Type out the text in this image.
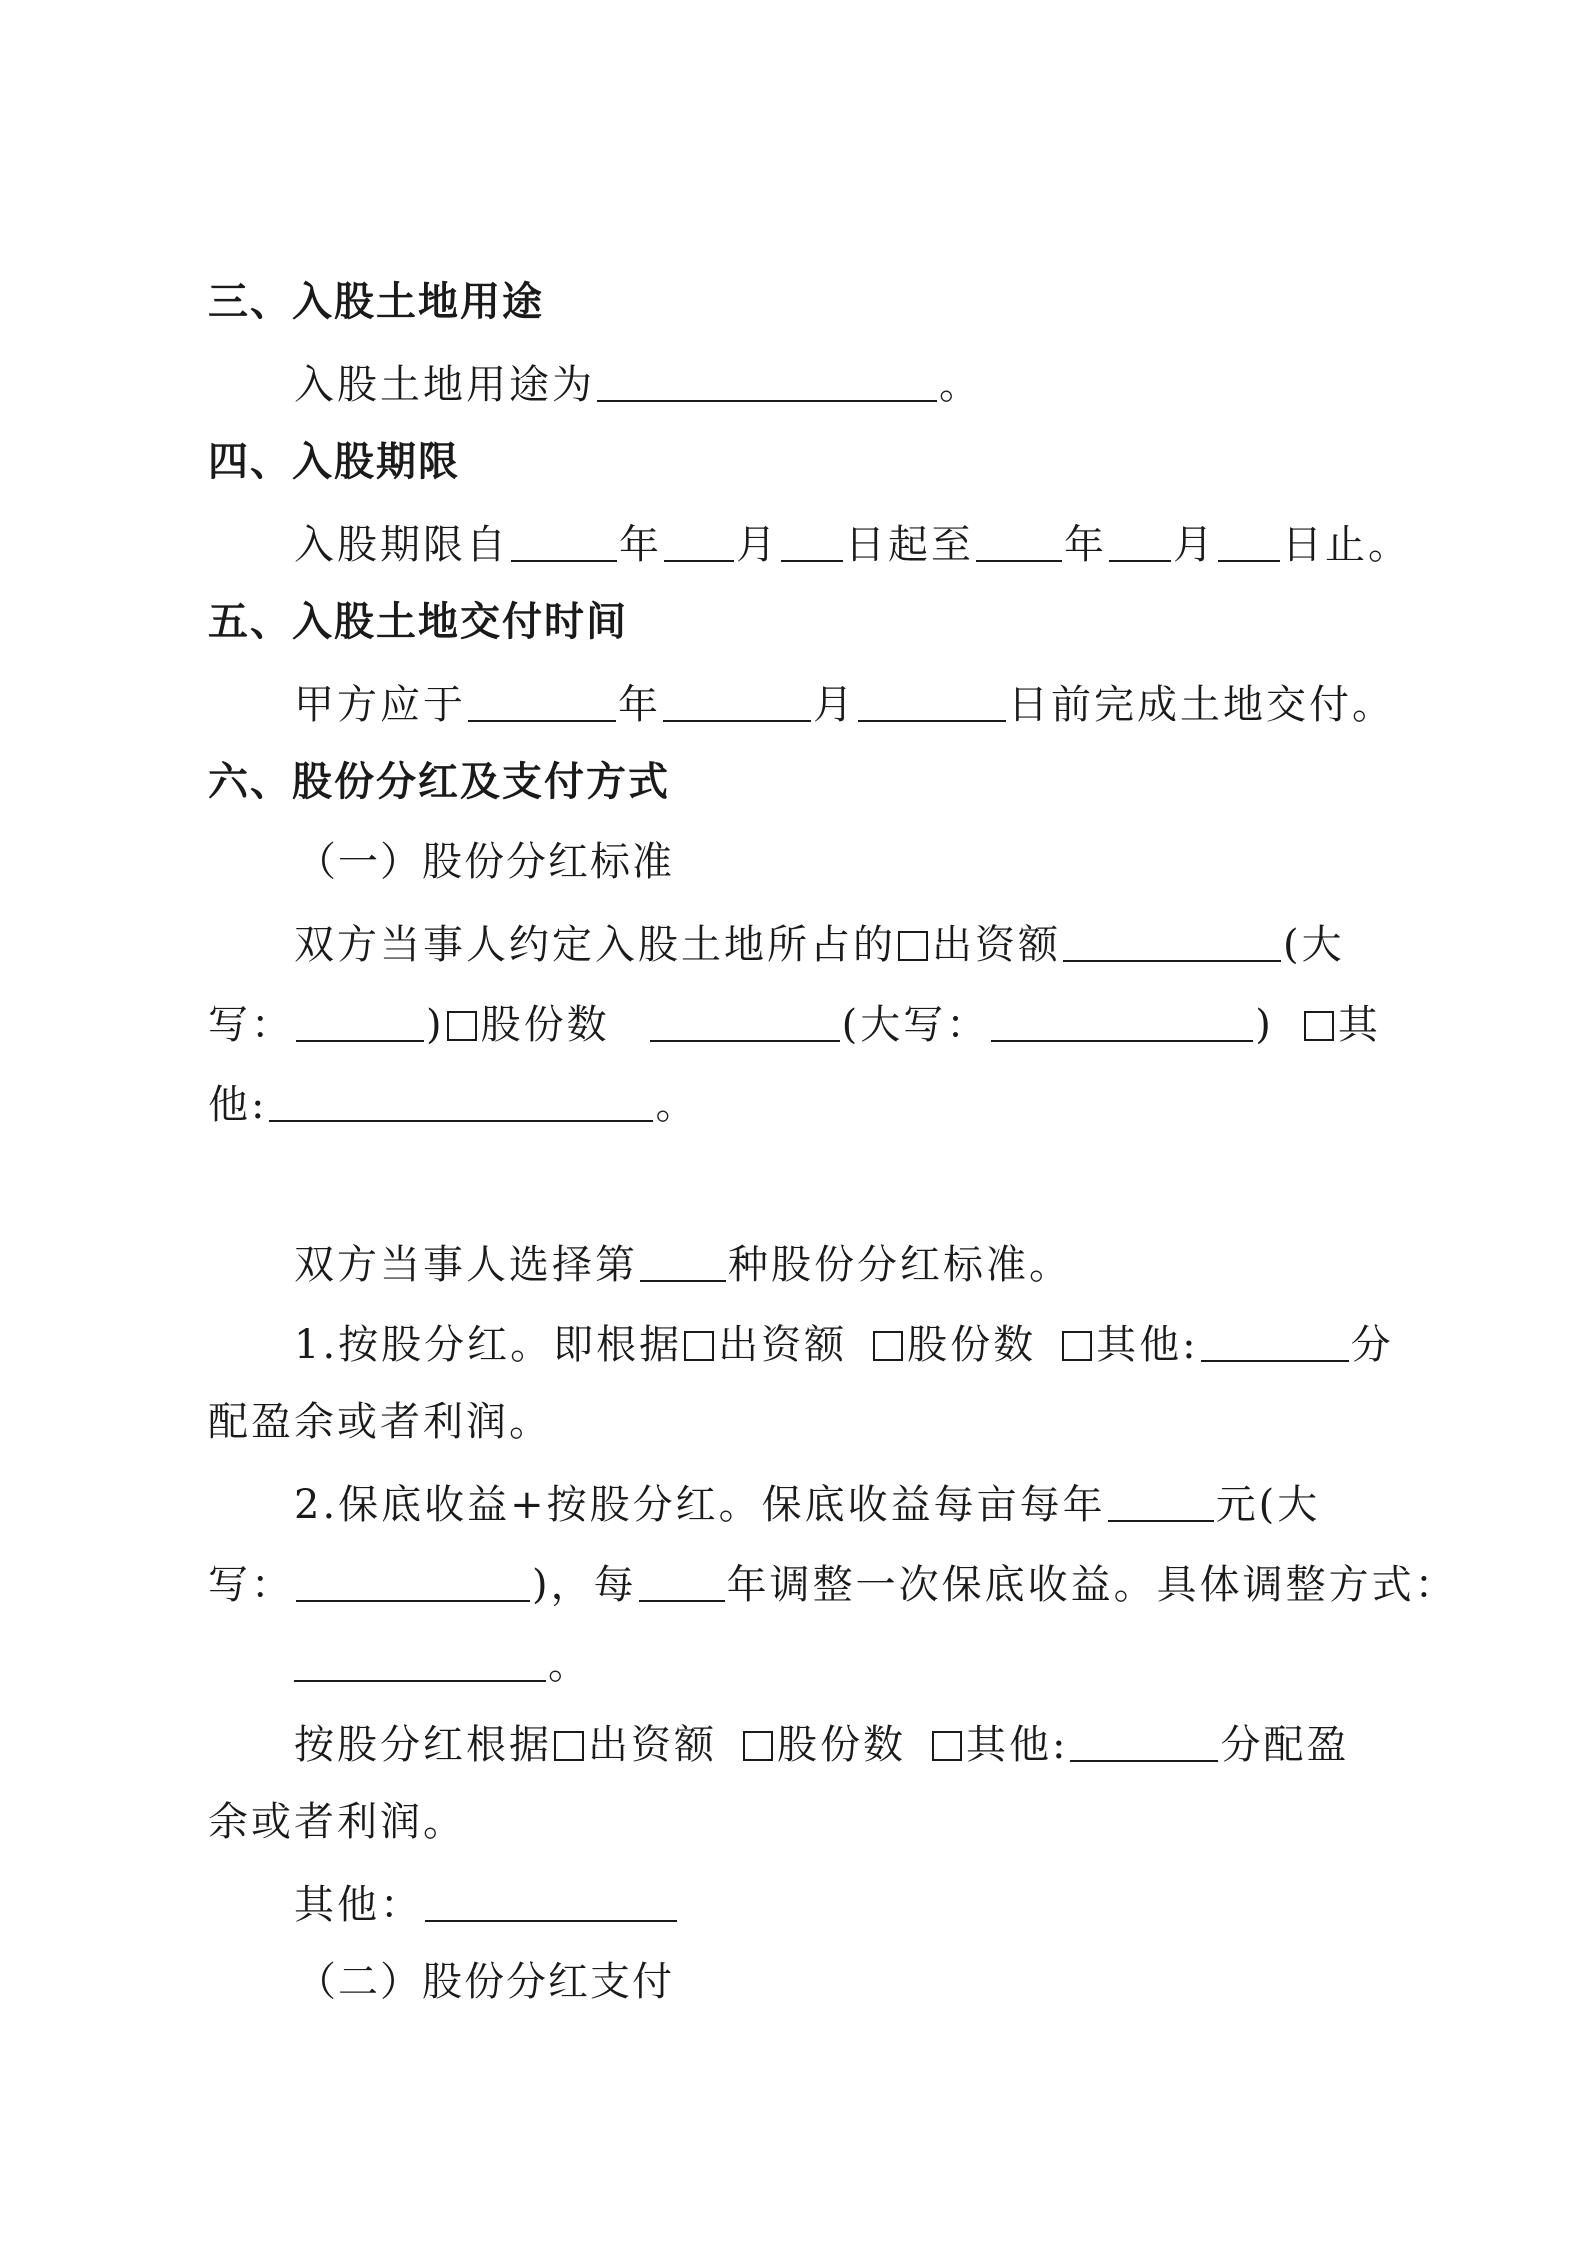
三、入股土地用途
入股土地用途为	。
四、入股期限
入股期限自	年 月 日起至 年 月 日止。
五、入股土地交付时间
甲方应于	年	月	日前完成土地交付。
六、股份分红及支付方式
（一）股份分红标准
双方当事人约定入股土地所占的 出资额	(大
写：	) 股份数	(大写：	) 其
他:	。
双方当事人选择第 种股份分红标准。
1.按股分红。即根据 出资额 股份数 其他:	分
配盈余或者利润。
2.保底收益+按股分红。保底收益每亩每年	元(大
写：	)，每 年调整一次保底收益。具体调整方式：
。
按股分红根据 出资额 股份数 其他:	分配盈
余或者利润。
其他：
（二）股份分红支付
